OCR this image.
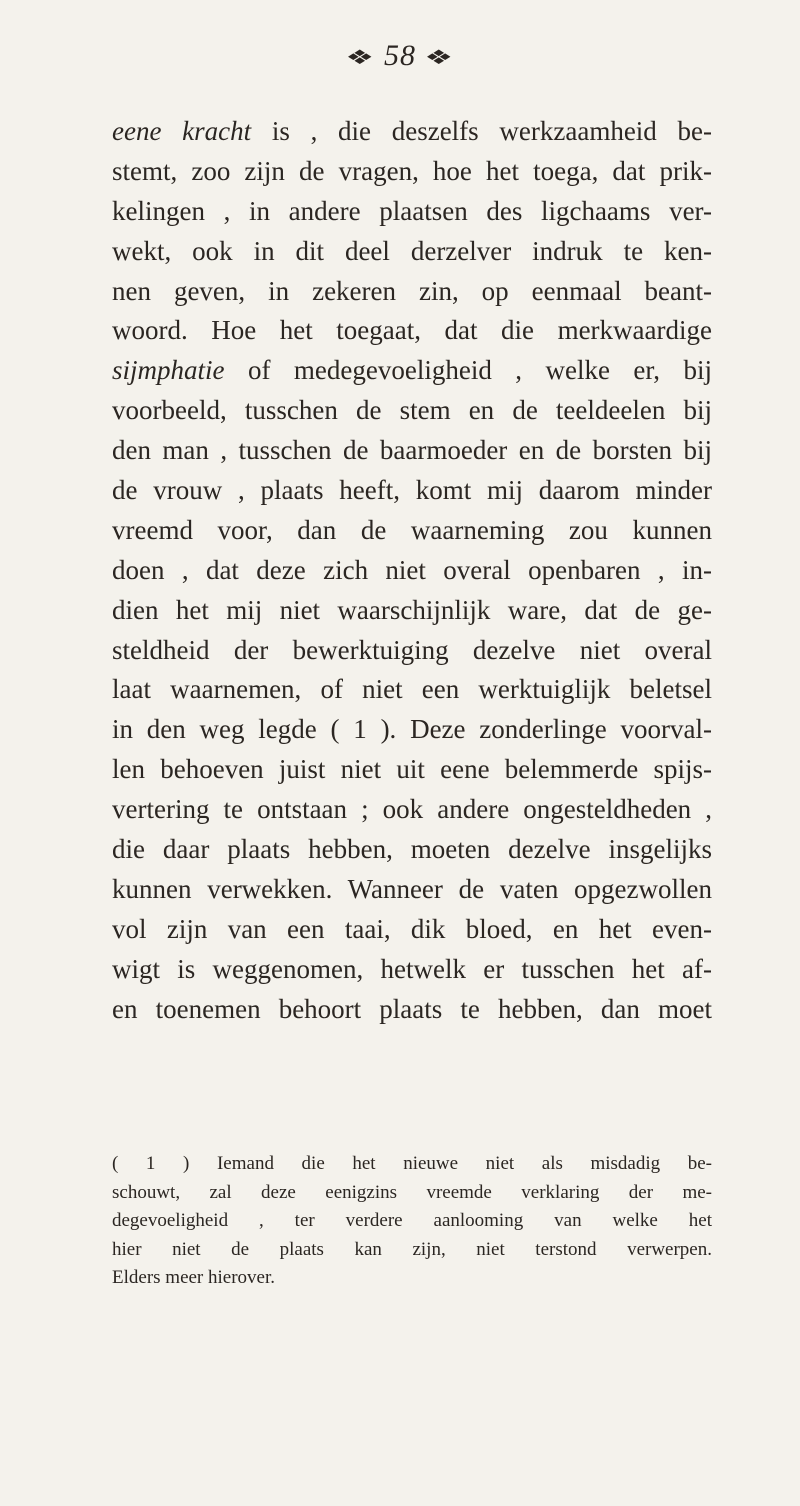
❖ 58 ❖
eene kracht is , die deszelfs werkzaamheid be-
stemt, zoo zijn de vragen, hoe het toega, dat prik-
kelingen , in andere plaatsen des ligchaams ver-
wekt, ook in dit deel derzelver indruk te ken-
nen geven, in zekeren zin, op eenmaal beant-
woord. Hoe het toegaat, dat die merkwaardige
sijmphatie of medegevoeligheid , welke er, bij
voorbeeld, tusschen de stem en de teeldeelen bij
den man , tusschen de baarmoeder en de borsten bij
de vrouw , plaats heeft, komt mij daarom minder
vreemd voor, dan de waarneming zou kunnen
doen , dat deze zich niet overal openbaren , in-
dien het mij niet waarschijnlijk ware, dat de ge-
steldheid der bewerktuiging dezelve niet overal
laat waarnemen, of niet een werktuiglijk beletsel
in den weg legde ( 1 ). Deze zonderlinge voorval-
len behoeven juist niet uit eene belemmerde spijs-
vertering te ontstaan ; ook andere ongesteldheden ,
die daar plaats hebben, moeten dezelve insgelijks
kunnen verwekken. Wanneer de vaten opgezwollen
vol zijn van een taai, dik bloed, en het even-
wigt is weggenomen, hetwelk er tusschen het af-
en toenemen behoort plaats te hebben, dan moet
( 1 ) Iemand die het nieuwe niet als misdadig be-
schouwt, zal deze eenigzins vreemde verklaring der me-
degevoeligheid , ter verdere aanlooming van welke het
hier niet de plaats kan zijn, niet terstond verwerpen.
Elders meer hierover.
